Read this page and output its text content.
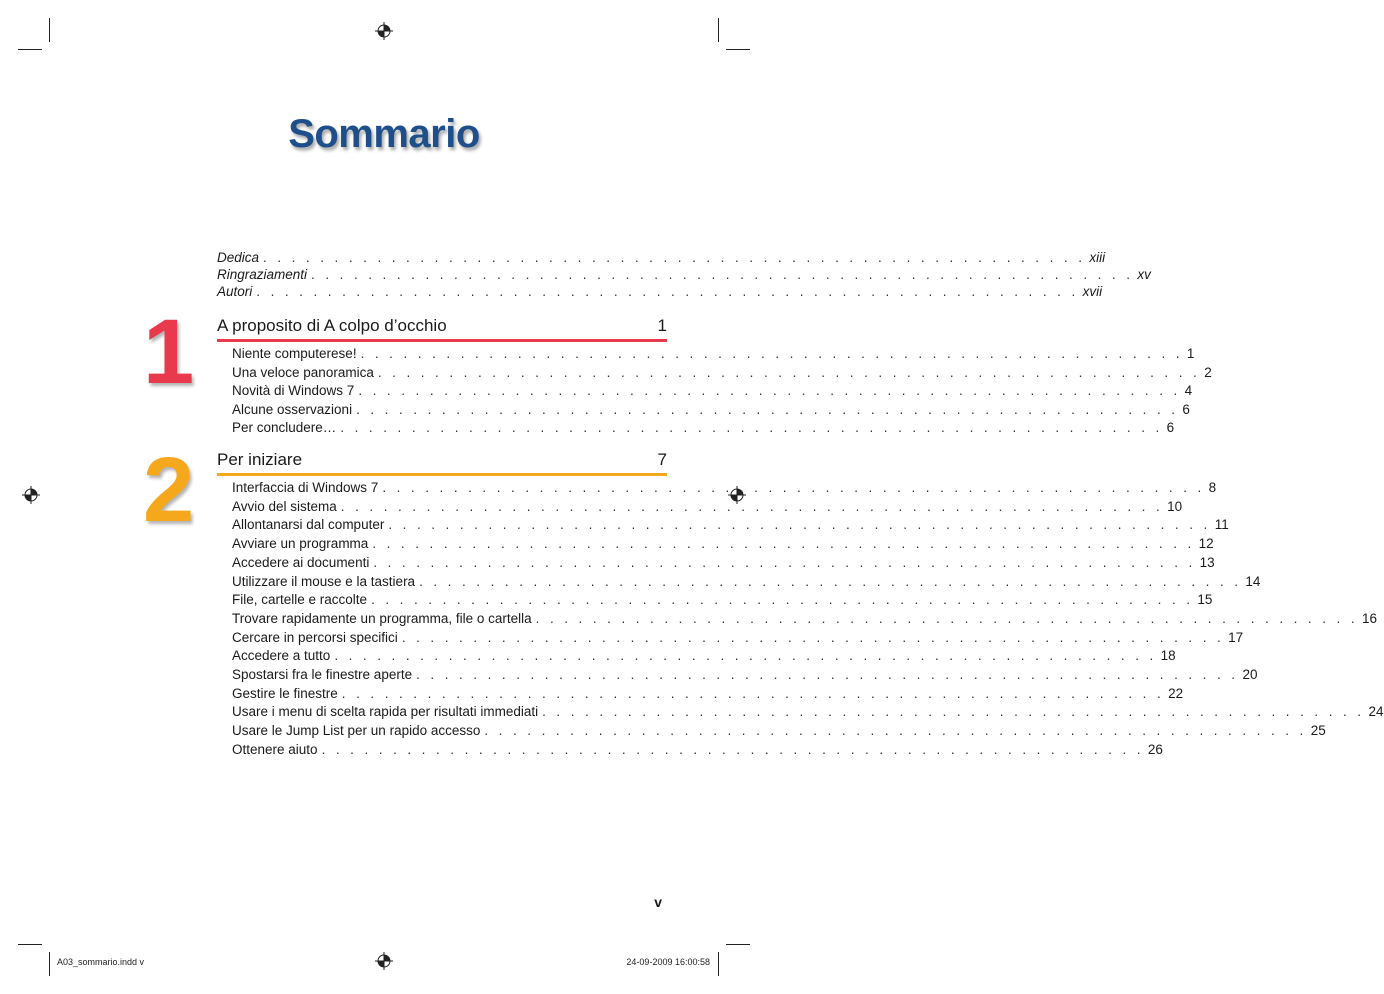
Sommario
Dedica . . . . . . . . . . . . . . . . . . . . . . . . . . . . . . . . . . . . . . . . . . . . . . . . . . . . . . . . . . xiii
Ringraziamenti . . . . . . . . . . . . . . . . . . . . . . . . . . . . . . . . . . . . . . . . . . . . . . . . . . . . . . . . . . xv
Autori . . . . . . . . . . . . . . . . . . . . . . . . . . . . . . . . . . . . . . . . . . . . . . . . . . . . . . . . . . xvii
1 A proposito di A colpo d’occhio	1
Niente computerese! . . . . . . . . . . . . . . . . . . . . . . . . . . . . . . . . . . . . . . . . . . . . . . . . . . . . . . . . . . 1
Una veloce panoramica . . . . . . . . . . . . . . . . . . . . . . . . . . . . . . . . . . . . . . . . . . . . . . . . . . . . . . . . . . 2
Novità di Windows 7 . . . . . . . . . . . . . . . . . . . . . . . . . . . . . . . . . . . . . . . . . . . . . . . . . . . . . . . . . . 4
Alcune osservazioni . . . . . . . . . . . . . . . . . . . . . . . . . . . . . . . . . . . . . . . . . . . . . . . . . . . . . . . . . . 6
Per concludere… . . . . . . . . . . . . . . . . . . . . . . . . . . . . . . . . . . . . . . . . . . . . . . . . . . . . . . . . . . 6
2 Per iniziare	7
Interfaccia di Windows 7 . . . . . . . . . . . . . . . . . . . . . . . . . . . . . . . . . . . . . . . . . . . . . . . . . . . . . . . . . . 8
Avvio del sistema . . . . . . . . . . . . . . . . . . . . . . . . . . . . . . . . . . . . . . . . . . . . . . . . . . . . . . . . . . 10
Allontanarsi dal computer . . . . . . . . . . . . . . . . . . . . . . . . . . . . . . . . . . . . . . . . . . . . . . . . . . . . . . . . . . 11
Avviare un programma . . . . . . . . . . . . . . . . . . . . . . . . . . . . . . . . . . . . . . . . . . . . . . . . . . . . . . . . . . 12
Accedere ai documenti . . . . . . . . . . . . . . . . . . . . . . . . . . . . . . . . . . . . . . . . . . . . . . . . . . . . . . . . . . 13
Utilizzare il mouse e la tastiera . . . . . . . . . . . . . . . . . . . . . . . . . . . . . . . . . . . . . . . . . . . . . . . . . . . . . . . . . . 14
File, cartelle e raccolte . . . . . . . . . . . . . . . . . . . . . . . . . . . . . . . . . . . . . . . . . . . . . . . . . . . . . . . . . . 15
Trovare rapidamente un programma, file o cartella . . . . . . . . . . . . . . . . . . . . . . . . . . . . . . . . . . . . . . . . . . . . . . . . . . . . . . . . . . 16
Cercare in percorsi specifici . . . . . . . . . . . . . . . . . . . . . . . . . . . . . . . . . . . . . . . . . . . . . . . . . . . . . . . . . . 17
Accedere a tutto . . . . . . . . . . . . . . . . . . . . . . . . . . . . . . . . . . . . . . . . . . . . . . . . . . . . . . . . . . 18
Spostarsi fra le finestre aperte . . . . . . . . . . . . . . . . . . . . . . . . . . . . . . . . . . . . . . . . . . . . . . . . . . . . . . . . . . 20
Gestire le finestre . . . . . . . . . . . . . . . . . . . . . . . . . . . . . . . . . . . . . . . . . . . . . . . . . . . . . . . . . . 22
Usare i menu di scelta rapida per risultati immediati . . . . . . . . . . . . . . . . . . . . . . . . . . . . . . . . . . . . . . . . . . . . . . . . . . . . . . . . . . 24
Usare le Jump List per un rapido accesso . . . . . . . . . . . . . . . . . . . . . . . . . . . . . . . . . . . . . . . . . . . . . . . . . . . . . . . . . . 25
Ottenere aiuto . . . . . . . . . . . . . . . . . . . . . . . . . . . . . . . . . . . . . . . . . . . . . . . . . . . . . . . . . . 26
v
A03_sommario.indd v	24-09-2009 16:00:58
